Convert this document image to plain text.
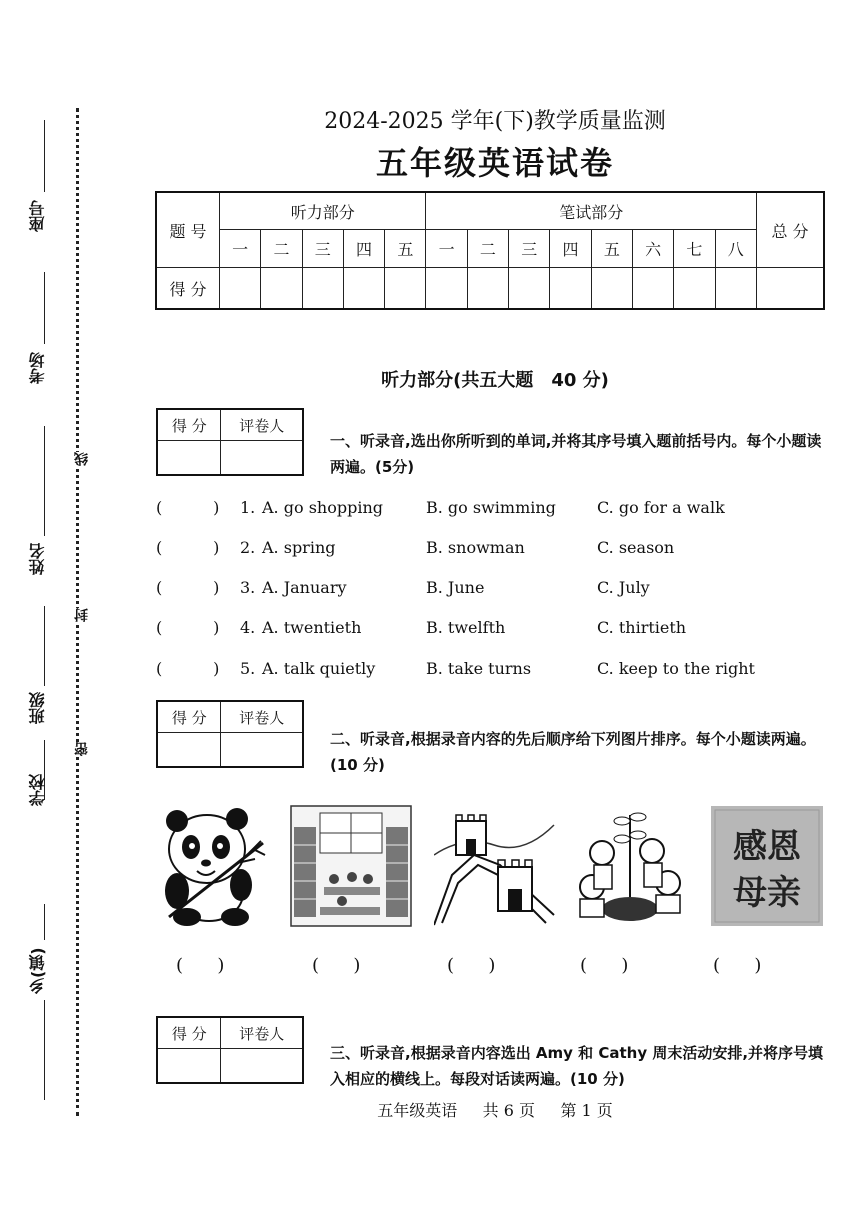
座号
考场
姓名
班级
学校
乡(镇)
线
封
密
2024-2025 学年(下)教学质量监测
五年级英语试卷
题 号	听力部分					笔试部分								总 分
	一	二	三	四	五	一	二	三	四	五	六	七	八	
得 分														
听力部分(共五大题　40 分)
得 分	评卷人

一、听录音,选出你所听到的单词,并将其序号填入题前括号内。每个小题读两遍。(5分)
(          ) 1. A. go shopping	B. go swimming	C. go for a walk
(          ) 2. A. spring	B. snowman	C. season
(          ) 3. A. January	B. June	C. July
(          ) 4. A. twentieth	B. twelfth	C. thirtieth
(          ) 5. A. talk quietly	B. take turns	C. keep to the right
得 分	评卷人

二、听录音,根据录音内容的先后顺序给下列图片排序。每个小题读两遍。(10 分)
感恩
母亲
(      )	(      )	(      )	(      )	(      )
得 分	评卷人

三、听录音,根据录音内容选出 Amy 和 Cathy 周末活动安排,并将序号填入相应的横线上。每段对话读两遍。(10 分)
五年级英语 共 6 页 第 1 页
